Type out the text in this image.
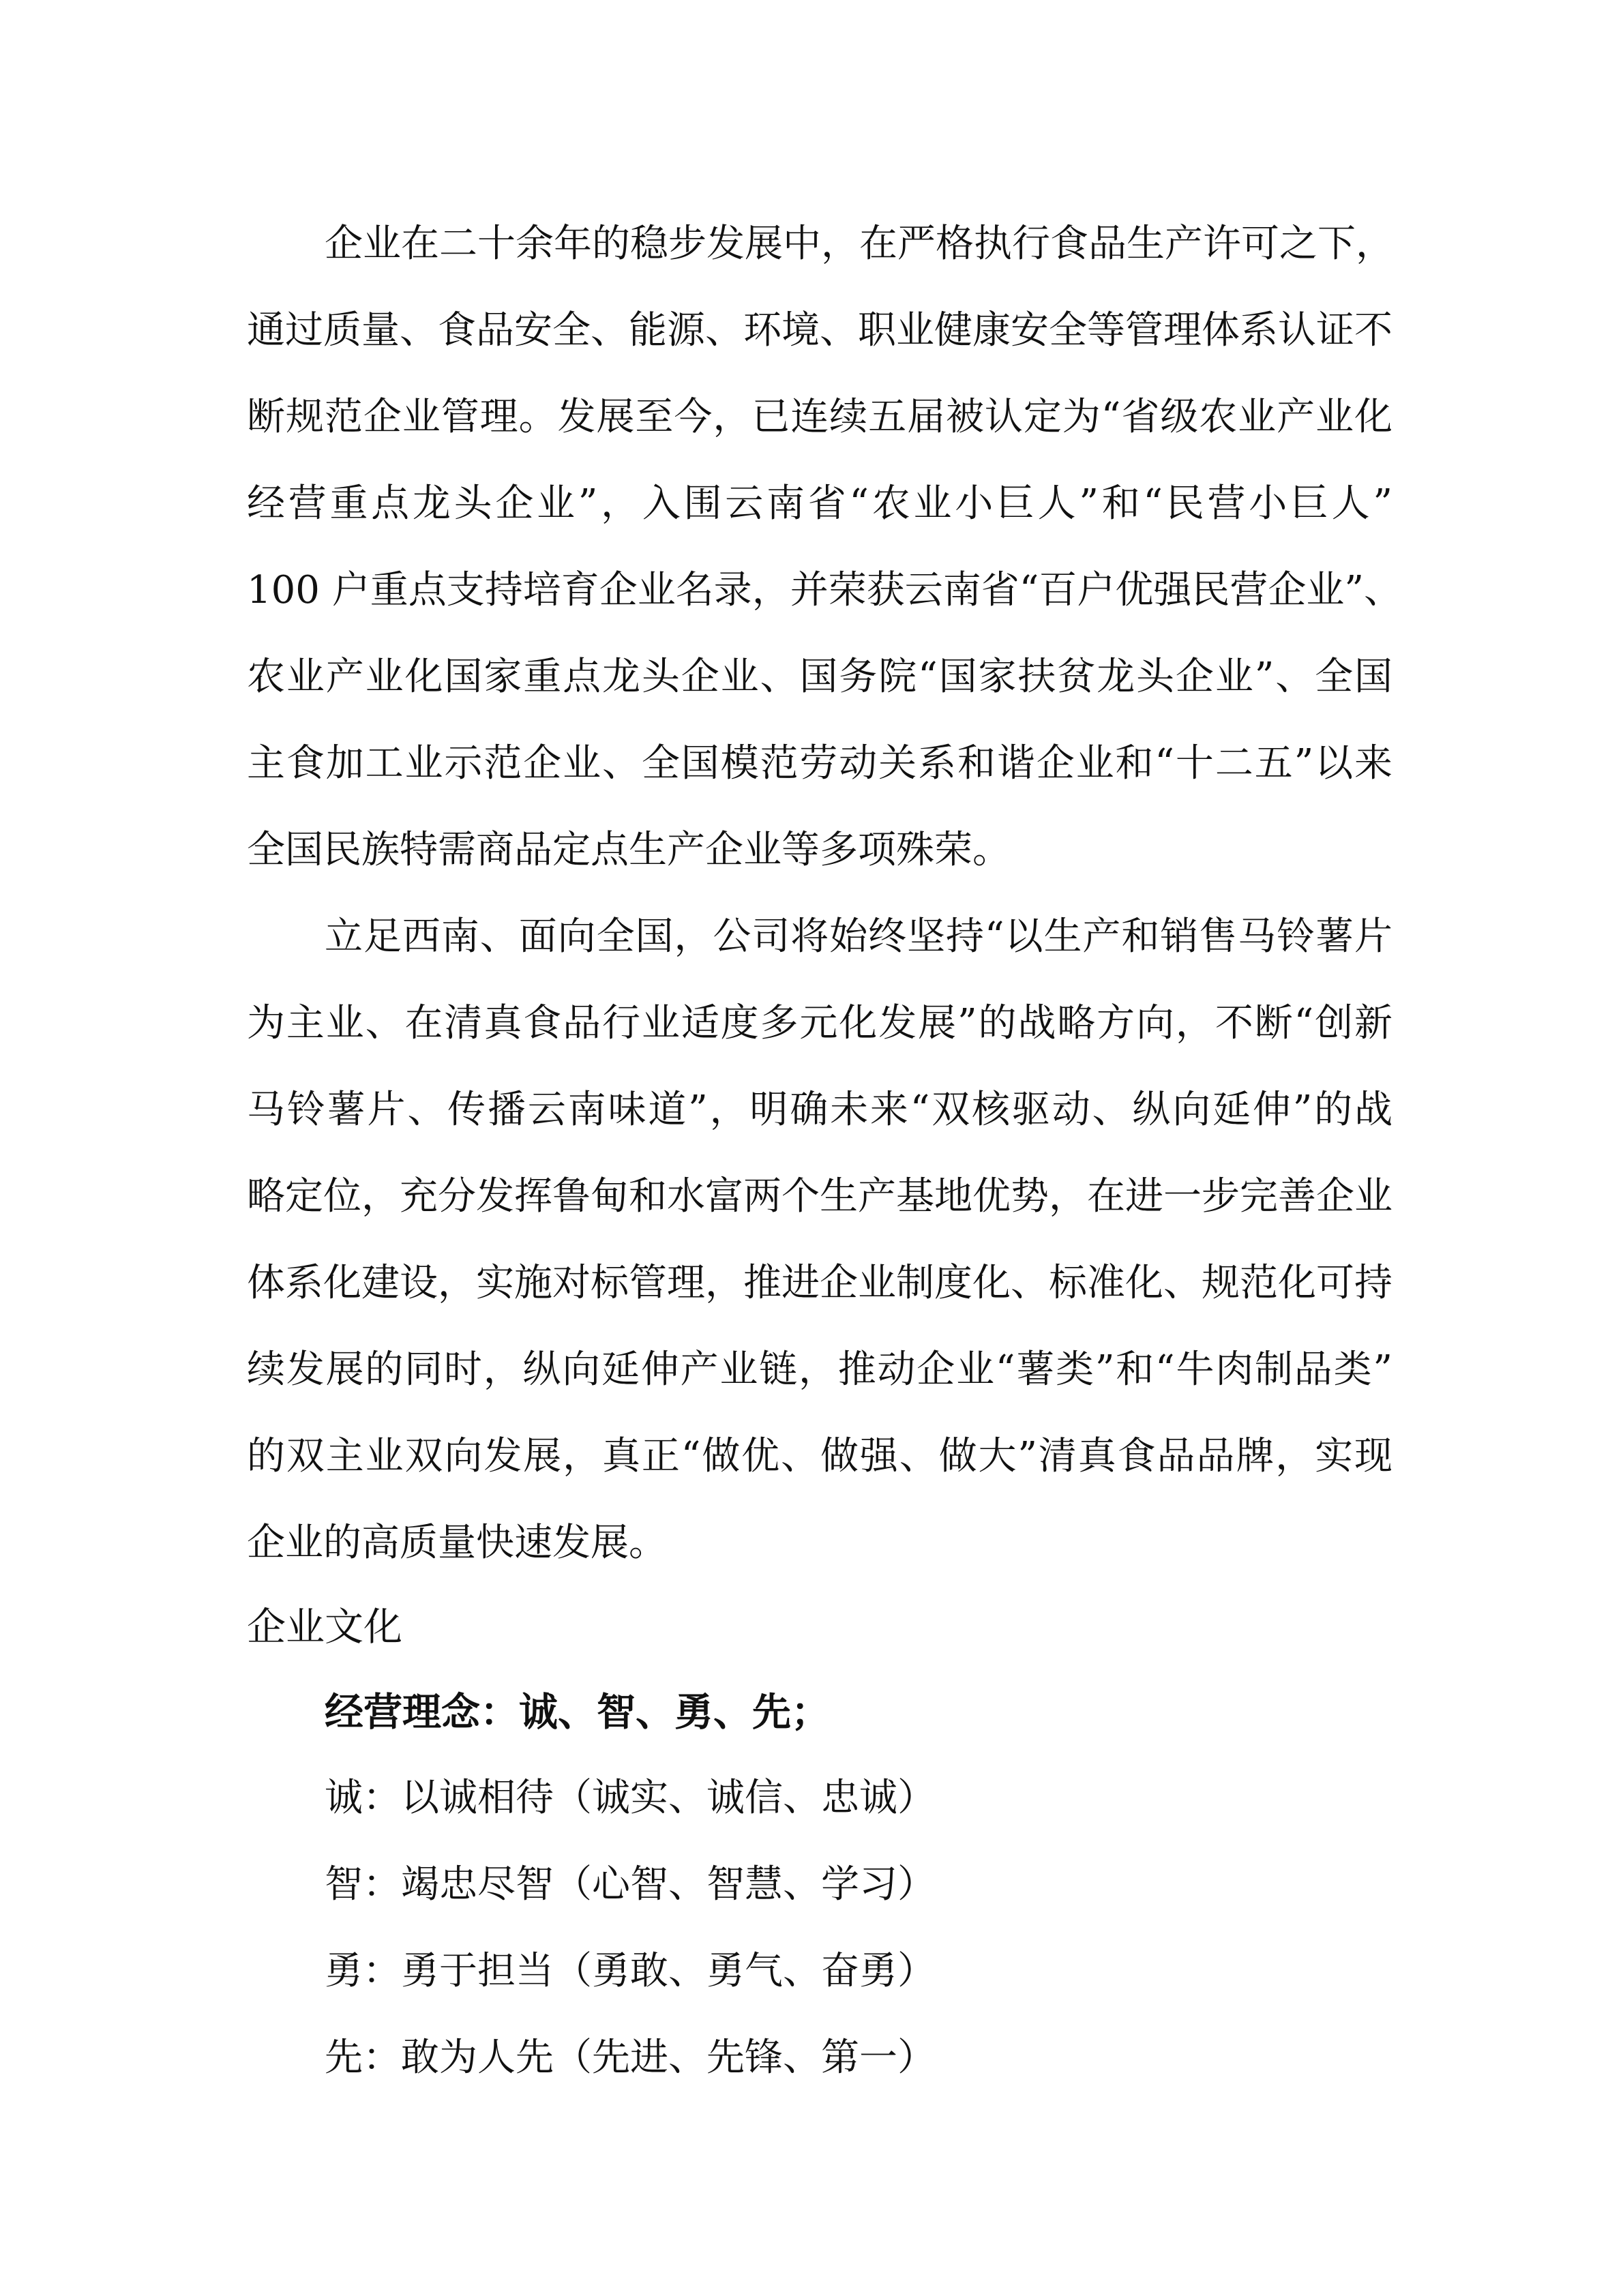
企业在二十余年的稳步发展中，在严格执行食品生产许可之下，
通过质量、食品安全、能源、环境、职业健康安全等管理体系认证不
断规范企业管理。发展至今，已连续五届被认定为“省级农业产业化
经营重点龙头企业”，入围云南省“农业小巨人”和“民营小巨人”
100 户重点支持培育企业名录，并荣获云南省“百户优强民营企业”、
农业产业化国家重点龙头企业、国务院“国家扶贫龙头企业”、全国
主食加工业示范企业、全国模范劳动关系和谐企业和“十二五”以来
全国民族特需商品定点生产企业等多项殊荣。
立足西南、面向全国，公司将始终坚持“以生产和销售马铃薯片
为主业、在清真食品行业适度多元化发展”的战略方向，不断“创新
马铃薯片、传播云南味道”，明确未来“双核驱动、纵向延伸”的战
略定位，充分发挥鲁甸和水富两个生产基地优势，在进一步完善企业
体系化建设，实施对标管理，推进企业制度化、标准化、规范化可持
续发展的同时，纵向延伸产业链，推动企业“薯类”和“牛肉制品类”
的双主业双向发展，真正“做优、做强、做大”清真食品品牌，实现
企业的高质量快速发展。
企业文化
经营理念：诚、智、勇、先；
诚：以诚相待（诚实、诚信、忠诚）
智：竭忠尽智（心智、智慧、学习）
勇：勇于担当（勇敢、勇气、奋勇）
先：敢为人先（先进、先锋、第一）
